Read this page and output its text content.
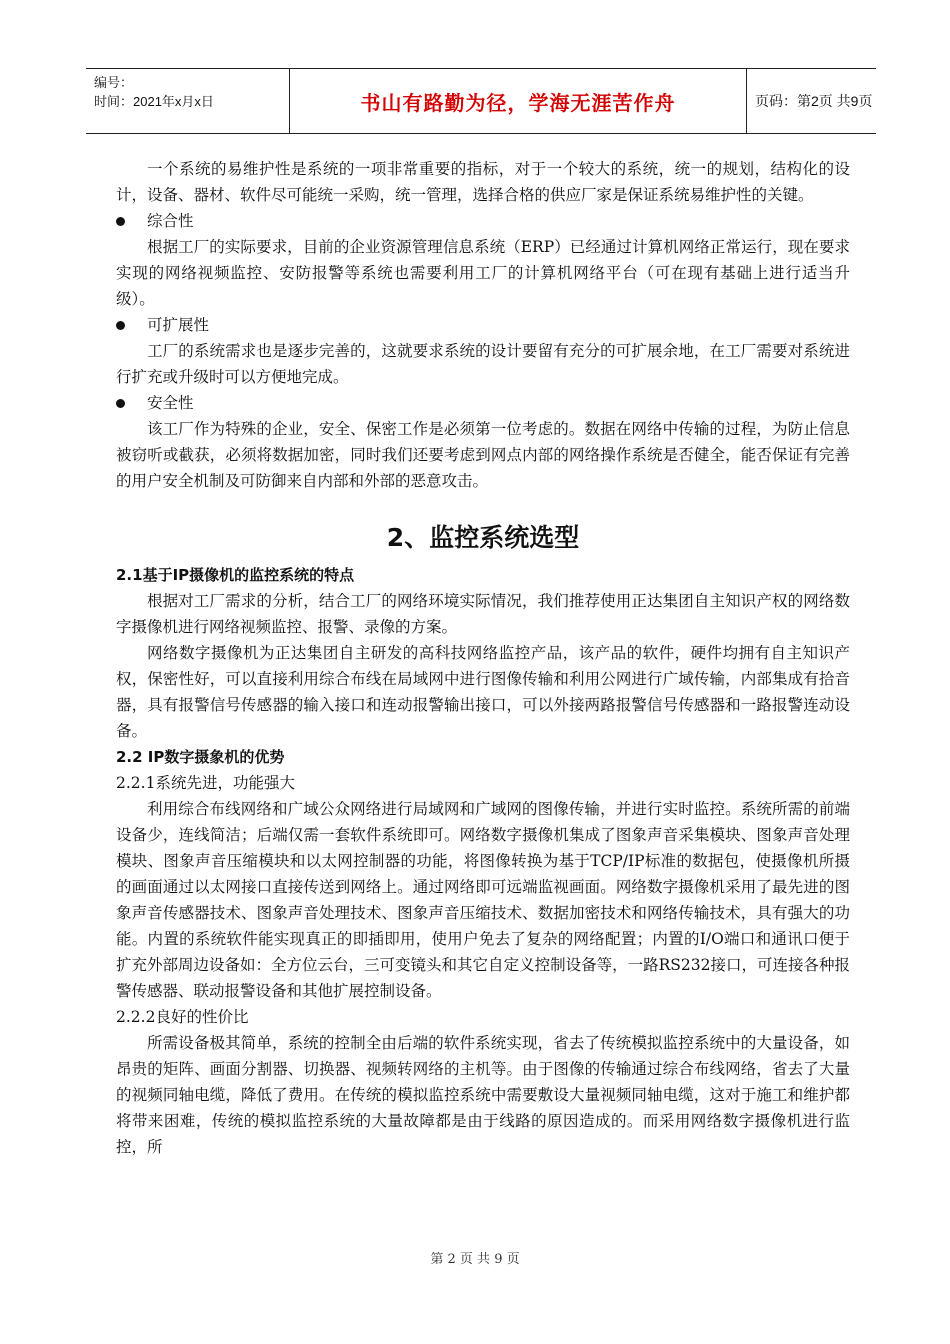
编号：
时间：2021年x月x日	书山有路勤为径，学海无涯苦作舟	页码：第2页 共9页

一个系统的易维护性是系统的一项非常重要的指标，对于一个较大的系统，统一的规划，结构化的设计，设备、器材、软件尽可能统一采购，统一管理，选择合格的供应厂家是保证系统易维护性的关键。

综合性

根据工厂的实际要求，目前的企业资源管理信息系统（ERP）已经通过计算机网络正常运行，现在要求实现的网络视频监控、安防报警等系统也需要利用工厂的计算机网络平台（可在现有基础上进行适当升级）。

可扩展性

工厂的系统需求也是逐步完善的，这就要求系统的设计要留有充分的可扩展余地，在工厂需要对系统进行扩充或升级时可以方便地完成。

安全性

该工厂作为特殊的企业，安全、保密工作是必须第一位考虑的。数据在网络中传输的过程，为防止信息被窃听或截获，必须将数据加密，同时我们还要考虑到网点内部的网络操作系统是否健全，能否保证有完善的用户安全机制及可防御来自内部和外部的恶意攻击。

2、监控系统选型

2.1基于IP摄像机的监控系统的特点

根据对工厂需求的分析，结合工厂的网络环境实际情况，我们推荐使用正达集团自主知识产权的网络数字摄像机进行网络视频监控、报警、录像的方案。

网络数字摄像机为正达集团自主研发的高科技网络监控产品，该产品的软件，硬件均拥有自主知识产权，保密性好，可以直接利用综合布线在局域网中进行图像传输和利用公网进行广域传输，内部集成有拾音器，具有报警信号传感器的输入接口和连动报警输出接口，可以外接两路报警信号传感器和一路报警连动设备。

2.2 IP数字摄象机的优势

2.2.1系统先进，功能强大

利用综合布线网络和广域公众网络进行局域网和广域网的图像传输，并进行实时监控。系统所需的前端设备少，连线简洁；后端仅需一套软件系统即可。网络数字摄像机集成了图象声音采集模块、图象声音处理模块、图象声音压缩模块和以太网控制器的功能，将图像转换为基于TCP/IP标准的数据包，使摄像机所摄的画面通过以太网接口直接传送到网络上。通过网络即可远端监视画面。网络数字摄像机采用了最先进的图象声音传感器技术、图象声音处理技术、图象声音压缩技术、数据加密技术和网络传输技术，具有强大的功能。内置的系统软件能实现真正的即插即用，使用户免去了复杂的网络配置；内置的I/O端口和通讯口便于扩充外部周边设备如：全方位云台，三可变镜头和其它自定义控制设备等，一路RS232接口，可连接各种报警传感器、联动报警设备和其他扩展控制设备。

2.2.2良好的性价比

所需设备极其简单，系统的控制全由后端的软件系统实现，省去了传统模拟监控系统中的大量设备，如昂贵的矩阵、画面分割器、切换器、视频转网络的主机等。由于图像的传输通过综合布线网络，省去了大量的视频同轴电缆，降低了费用。在传统的模拟监控系统中需要敷设大量视频同轴电缆，这对于施工和维护都将带来困难，传统的模拟监控系统的大量故障都是由于线路的原因造成的。而采用网络数字摄像机进行监控，所

第 2 页 共 9 页
